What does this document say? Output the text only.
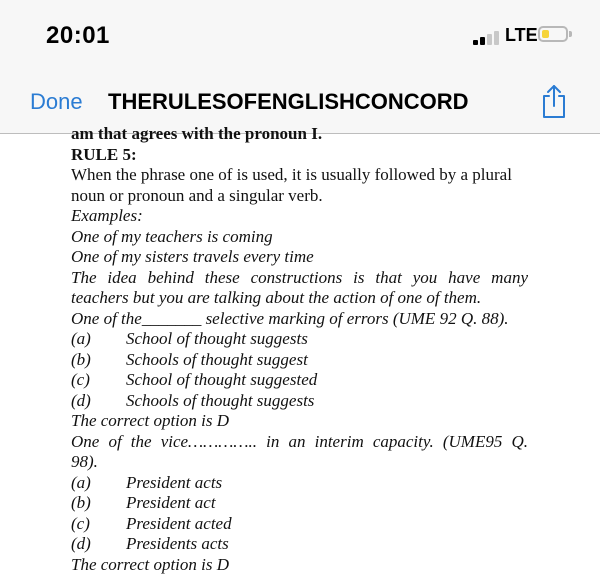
20:01	LTE
Done THERULESOFENGLISHCONCORD
am that agrees with the pronoun I.
RULE 5:
When the phrase one of is used, it is usually followed by a plural
noun or pronoun and a singular verb.
Examples:
One of my teachers is coming
One of my sisters travels every time
The idea behind these constructions is that you have many
teachers but you are talking about the action of one of them.
One of the_______ selective marking of errors (UME 92 Q. 88).
(a) School of thought suggests
(b) Schools of thought suggest
(c) School of thought suggested
(d) Schools of thought suggests
The correct option is D
One of the vice………….. in an interim capacity. (UME95 Q.
98).
(a) President acts
(b) President act
(c) President acted
(d) Presidents acts
The correct option is D
